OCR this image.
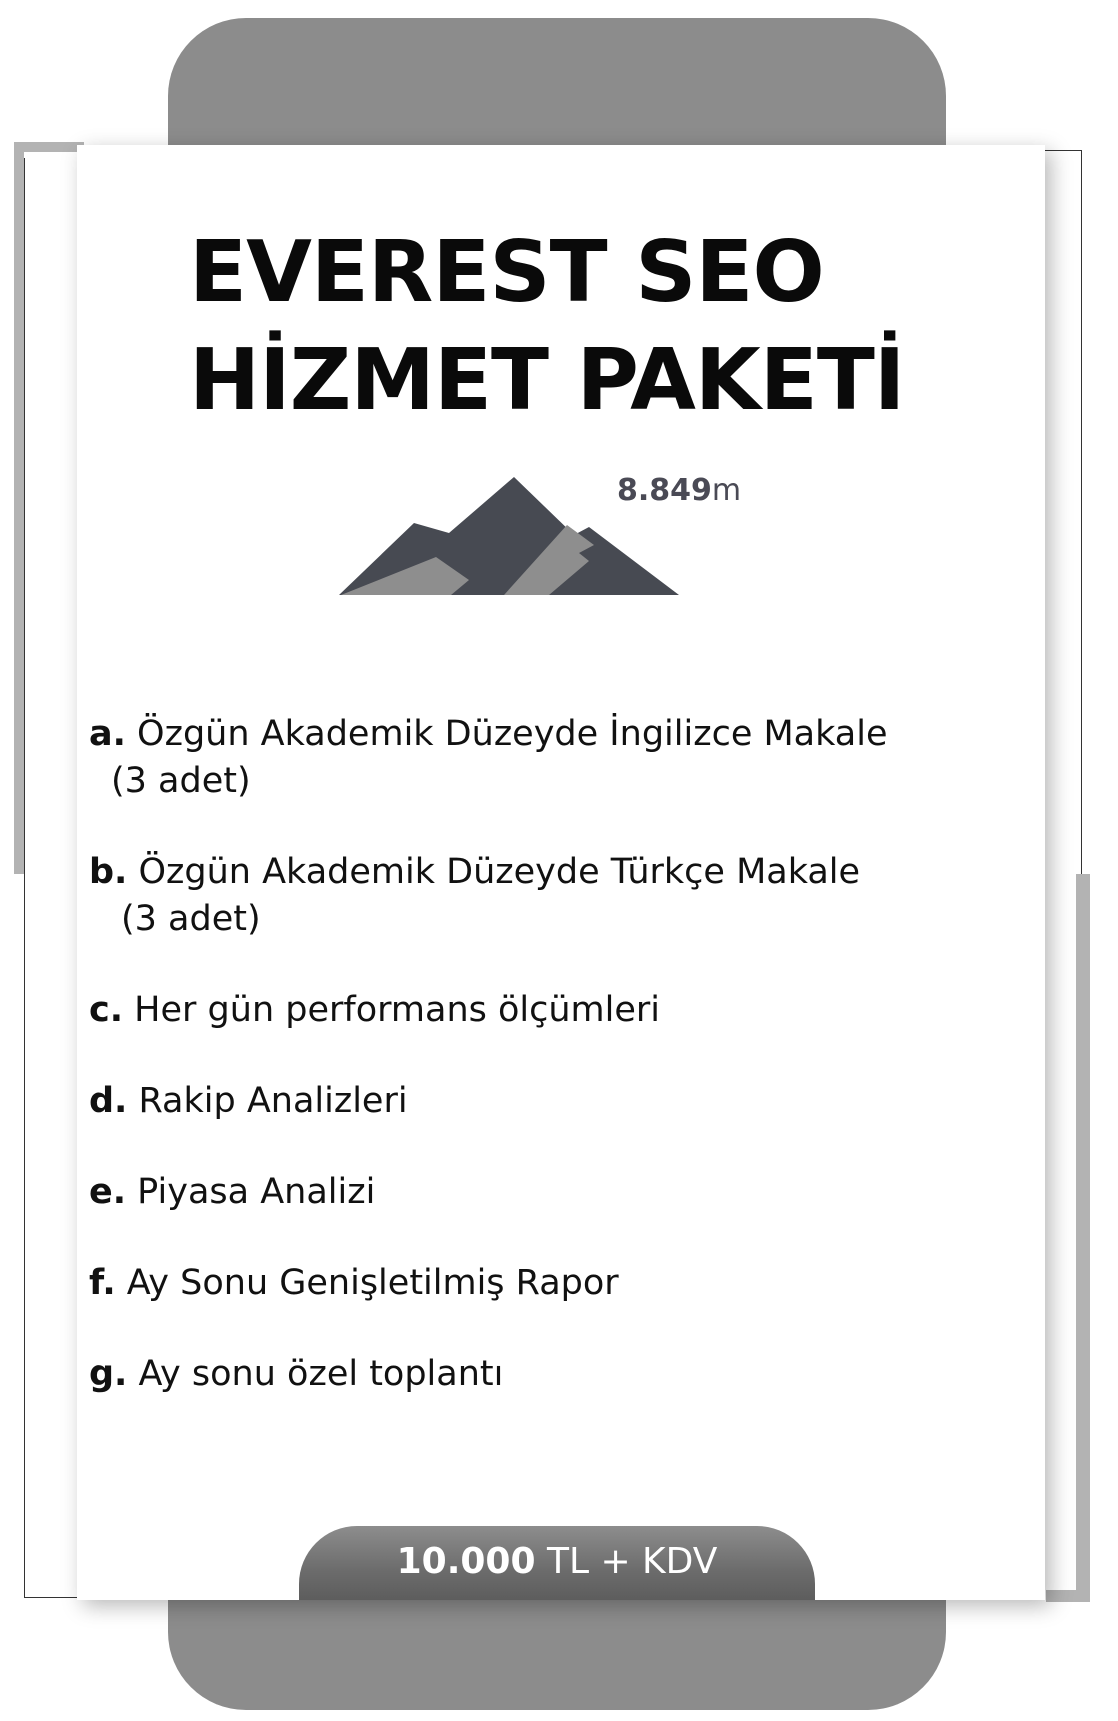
EVEREST SEO
HİZMET PAKETİ
8.849m
a. Özgün Akademik Düzeyde İngilizce Makale
(3 adet)
b. Özgün Akademik Düzeyde Türkçe Makale
(3 adet)
c. Her gün performans ölçümleri
d. Rakip Analizleri
e. Piyasa Analizi
f. Ay Sonu Genişletilmiş Rapor
g. Ay sonu özel toplantı
10.000 TL + KDV
